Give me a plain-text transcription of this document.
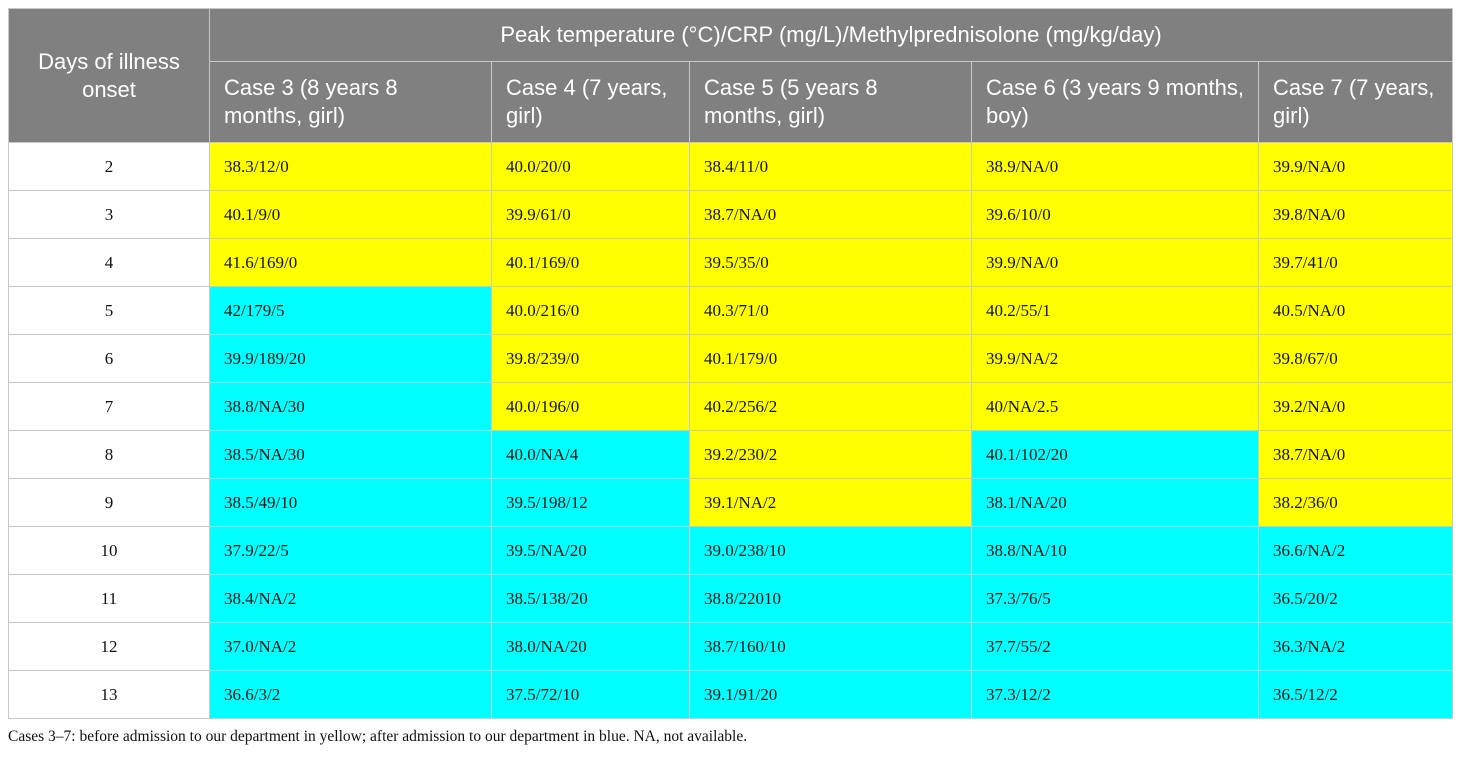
Days of illness onset	Peak temperature (°C)/CRP (mg/L)/Methylprednisolone (mg/kg/day)				
	Case 3 (8 years 8 months, girl)	Case 4 (7 years, girl)	Case 5 (5 years 8 months, girl)	Case 6 (3 years 9 months, boy)	Case 7 (7 years, girl)
2	38.3/12/0	40.0/20/0	38.4/11/0	38.9/NA/0	39.9/NA/0
3	40.1/9/0	39.9/61/0	38.7/NA/0	39.6/10/0	39.8/NA/0
4	41.6/169/0	40.1/169/0	39.5/35/0	39.9/NA/0	39.7/41/0
5	42/179/5	40.0/216/0	40.3/71/0	40.2/55/1	40.5/NA/0
6	39.9/189/20	39.8/239/0	40.1/179/0	39.9/NA/2	39.8/67/0
7	38.8/NA/30	40.0/196/0	40.2/256/2	40/NA/2.5	39.2/NA/0
8	38.5/NA/30	40.0/NA/4	39.2/230/2	40.1/102/20	38.7/NA/0
9	38.5/49/10	39.5/198/12	39.1/NA/2	38.1/NA/20	38.2/36/0
10	37.9/22/5	39.5/NA/20	39.0/238/10	38.8/NA/10	36.6/NA/2
11	38.4/NA/2	38.5/138/20	38.8/22010	37.3/76/5	36.5/20/2
12	37.0/NA/2	38.0/NA/20	38.7/160/10	37.7/55/2	36.3/NA/2
13	36.6/3/2	37.5/72/10	39.1/91/20	37.3/12/2	36.5/12/2
Cases 3–7: before admission to our department in yellow; after admission to our department in blue. NA, not available.
